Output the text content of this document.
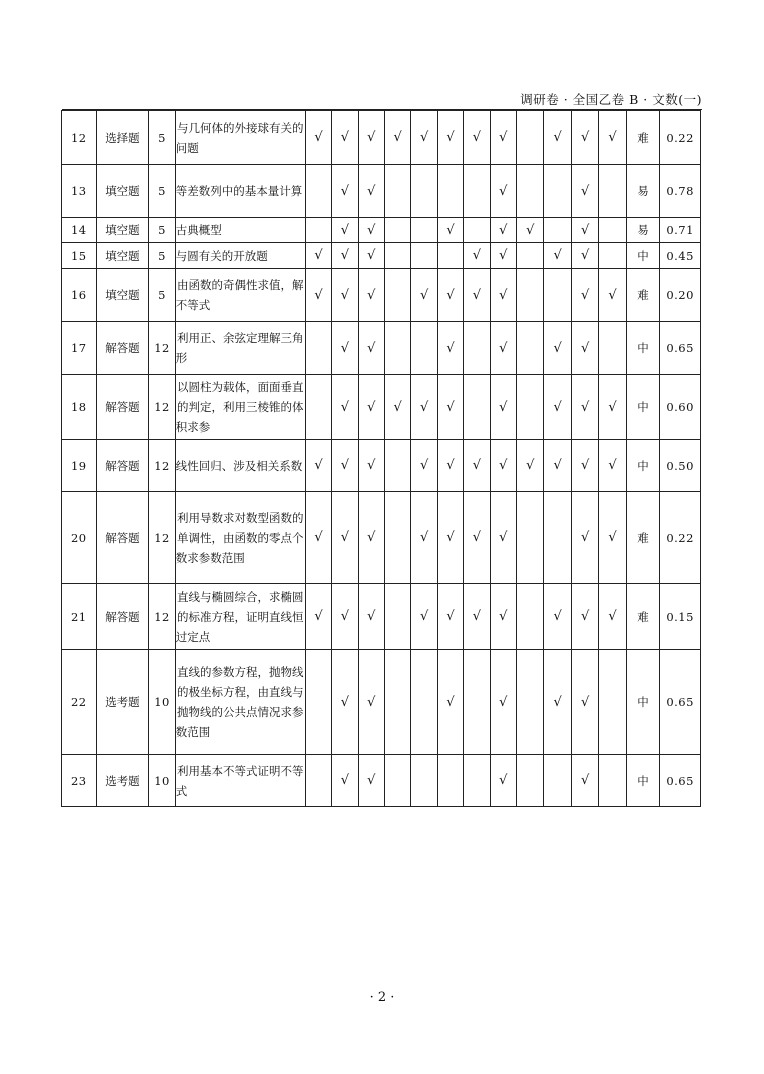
调研卷 · 全国乙卷 B · 文数(一)
12	选择题	5	与几何体的外接球有关的问题	√	√	√	√	√	√	√	√		√	√	√	难	0.22
13	填空题	5	等差数列中的基本量计算		√	√					√			√		易	0.78
14	填空题	5	古典概型		√	√			√		√	√		√		易	0.71
15	填空题	5	与圆有关的开放题	√	√	√				√	√		√	√		中	0.45
16	填空题	5	由函数的奇偶性求值，解不等式	√	√	√		√	√	√	√			√	√	难	0.20
17	解答题	12	利用正、余弦定理解三角形		√	√			√		√		√	√		中	0.65
18	解答题	12	以圆柱为载体，面面垂直的判定，利用三棱锥的体积求参		√	√	√	√	√		√		√	√	√	中	0.60
19	解答题	12	线性回归、涉及相关系数	√	√	√		√	√	√	√	√	√	√	√	中	0.50
20	解答题	12	利用导数求对数型函数的单调性，由函数的零点个数求参数范围	√	√	√		√	√	√	√			√	√	难	0.22
21	解答题	12	直线与椭圆综合，求椭圆的标准方程，证明直线恒过定点	√	√	√		√	√	√	√		√	√	√	难	0.15
22	选考题	10	直线的参数方程，抛物线的极坐标方程，由直线与抛物线的公共点情况求参数范围		√	√			√		√		√	√		中	0.65
23	选考题	10	利用基本不等式证明不等式		√	√					√			√		中	0.65
· 2 ·
